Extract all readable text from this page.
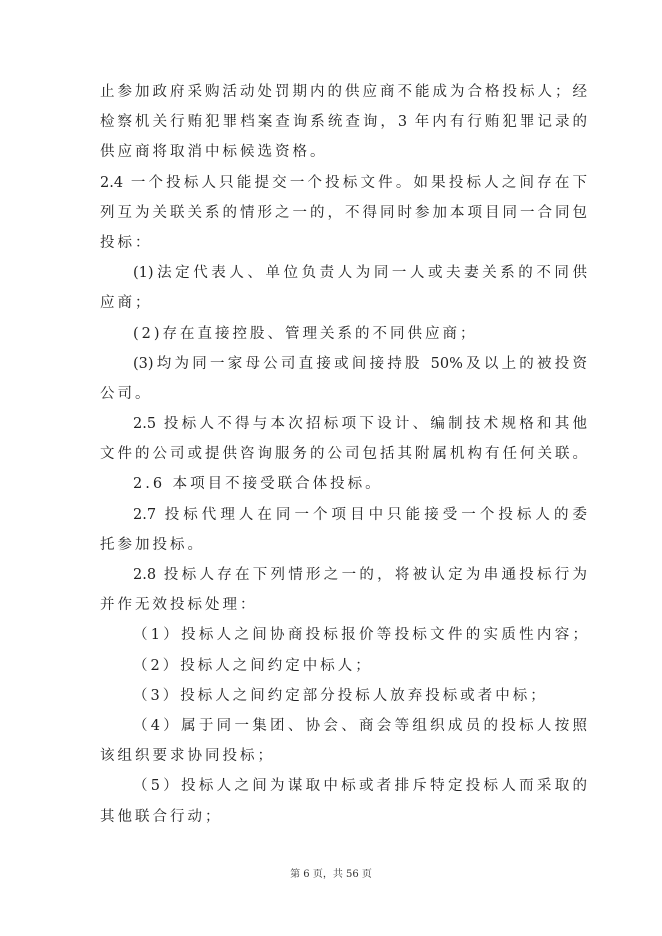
止参加政府采购活动处罚期内的供应商不能成为合格投标人；经
检察机关行贿犯罪档案查询系统查询，3 年内有行贿犯罪记录的
供应商将取消中标候选资格。
2.4 一个投标人只能提交一个投标文件。如果投标人之间存在下
列互为关联关系的情形之一的，不得同时参加本项目同一合同包
投标：
(1)法定代表人、单位负责人为同一人或夫妻关系的不同供
应商；
(2)存在直接控股、管理关系的不同供应商；
(3)均为同一家母公司直接或间接持股 50%及以上的被投资
公司。
2.5 投标人不得与本次招标项下设计、编制技术规格和其他
文件的公司或提供咨询服务的公司包括其附属机构有任何关联。
2.6 本项目不接受联合体投标。
2.7 投标代理人在同一个项目中只能接受一个投标人的委
托参加投标。
2.8 投标人存在下列情形之一的，将被认定为串通投标行为
并作无效投标处理：
（1）投标人之间协商投标报价等投标文件的实质性内容；
（2）投标人之间约定中标人；
（3）投标人之间约定部分投标人放弃投标或者中标；
（4）属于同一集团、协会、商会等组织成员的投标人按照
该组织要求协同投标；
（5）投标人之间为谋取中标或者排斥特定投标人而采取的
其他联合行动；
第 6 页，共 56 页
